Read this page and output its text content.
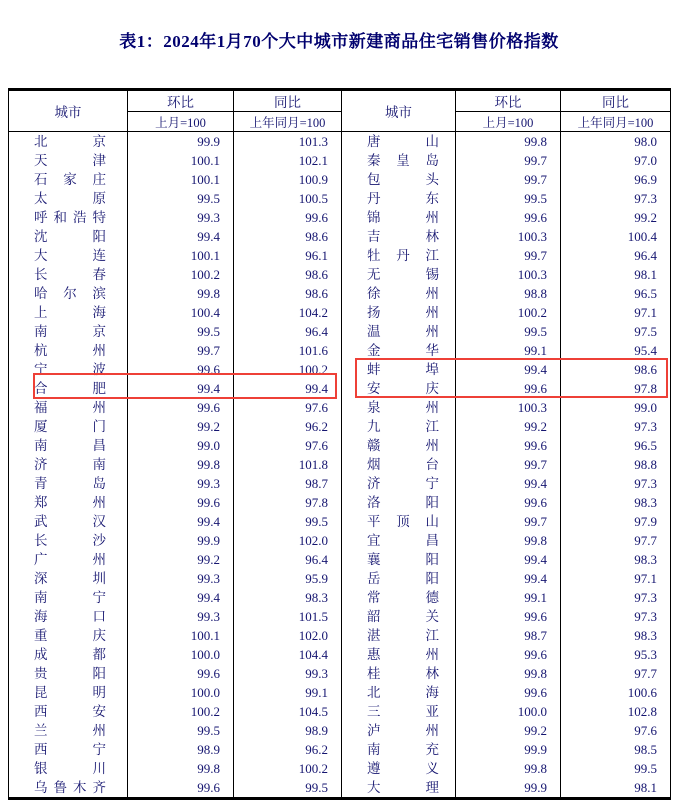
表1：2024年1月70个大中城市新建商品住宅销售价格指数
城市	环比	同比	城市	环比	同比
	上月=100	上年同月=100		上月=100	上年同月=100

北 京	99.9	101.3	唐 山	99.8	98.0

天 津	100.1	102.1	秦 皇 岛	99.7	97.0

石 家 庄	100.1	100.9	包 头	99.7	96.9

太 原	99.5	100.5	丹 东	99.5	97.3

呼 和 浩 特	99.3	99.6	锦 州	99.6	99.2

沈 阳	99.4	98.6	吉 林	100.3	100.4

大 连	100.1	96.1	牡 丹 江	99.7	96.4

长 春	100.2	98.6	无 锡	100.3	98.1

哈 尔 滨	99.8	98.6	徐 州	98.8	96.5

上 海	100.4	104.2	扬 州	100.2	97.1

南 京	99.5	96.4	温 州	99.5	97.5

杭 州	99.7	101.6	金 华	99.1	95.4

宁 波	99.6	100.2	蚌 埠	99.4	98.6

合 肥	99.4	99.4	安 庆	99.6	97.8

福 州	99.6	97.6	泉 州	100.3	99.0

厦 门	99.2	96.2	九 江	99.2	97.3

南 昌	99.0	97.6	赣 州	99.6	96.5

济 南	99.8	101.8	烟 台	99.7	98.8

青 岛	99.3	98.7	济 宁	99.4	97.3

郑 州	99.6	97.8	洛 阳	99.6	98.3

武 汉	99.4	99.5	平 顶 山	99.7	97.9

长 沙	99.9	102.0	宜 昌	99.8	97.7

广 州	99.2	96.4	襄 阳	99.4	98.3

深 圳	99.3	95.9	岳 阳	99.4	97.1

南 宁	99.4	98.3	常 德	99.1	97.3

海 口	99.3	101.5	韶 关	99.6	97.3

重 庆	100.1	102.0	湛 江	98.7	98.3

成 都	100.0	104.4	惠 州	99.6	95.3

贵 阳	99.6	99.3	桂 林	99.8	97.7

昆 明	100.0	99.1	北 海	99.6	100.6

西 安	100.2	104.5	三 亚	100.0	102.8

兰 州	99.5	98.9	泸 州	99.2	97.6

西 宁	98.9	96.2	南 充	99.9	98.5

银 川	99.8	100.2	遵 义	99.8	99.5

乌 鲁 木 齐	99.6	99.5	大 理	99.9	98.1
